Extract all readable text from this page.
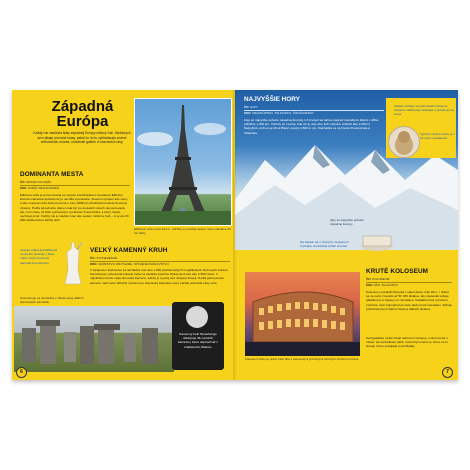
Západná Európa
Každý rok navštívia štáty západnej Európy milióny ľudí. Niektorých sem lákajú prírodné krásy, zatiaľ čo iní tu vyhľadávajú známe veľkomestá, múzeá, umelecké galérie či starovekú ruiny.
Eiffelova veža meria 324 m. Udržba si ju každý sedem rokov aktuálne 60 ton farby.
DOMINANTA MESTA
ČO: EIFFELOVA VEŽA
KDE: PARÍŽ, FRANCÚZSKO
Eiffelova veža je pomenovaná po svojom konštruktérovi Gustavovi Eiffelovi, ktorého stavebná spoločnosť ju navrhla a postavila. Svetovú výstavu kde vieny a táto oceľová veža bola otvorená v roku 1889 pri príležitosti konania Svetovej výstavy. Podľa pôvodného plánu mala byť po desiatich rokoch demontovaná, ale v tom čase už bola významným symbolom Francúzska, a ktorý mesto nechcelo prísť. Každý rok ju navštívi viac ako sedem miliónov ľudí – to je asi 20 000 návštevníkov každý deň!
Vysoká výška tiež Eiffelova na Sochu slobody v New Yorku, ktorú Francúzi darovali Američanom.
VEĽKÝ KAMENNÝ KRUH
ČO: STONEHENGE
KDE: GRÓFSTVO WILTSHIRE, SPOJENÉ KRÁĽOVSTVO
V Spojenom kráľovstve sa nachádza viac ako 1 000 prehistorických megalitických kruhových stavieb. Stonehenge vybudovali pravekí ľudia na začiatku polohou Slnka pred viac ako 4 500 rokmi. V najväčšom kruhu stoja obrovské kamene, každý je vysoký ako dospelý človek. Podľa jednej teórie kamene mali veľmi dôležitý význam pre staroveký kalendár, ktorý počítal pokročilé časy roka.
Stonehenge sa nachádza v oblasti plnej ďalších starovekých pamiatok.
Kamenný kruh Stonehenge obklopuje 46 menších kameňov, ktoré dopravili až z vzdialeného Walesu.
6
NAJVYŠŠIE HORY
ČO: ALPY
KDE: FRANCÚZSKO, TALIANSKO, ŠVAJČIARSKO
Alpy sú najvyššie pohorie západnej Európy, ich hrebeň sa tiahne naprieč niekoľkými štátmi v dĺžke približne 1 200 km. Vrcholy sú mnohé, kde ich je viac ako 120 vrcholov vyšších ako 4 000 m. Najvyšším vrchom je Mont Blanc vysoký 4 808 m nm. Nachádza sa na hranici Francúzska a Talianska.
Alpské ovčiaky sa kvôli štúdiu hustému vzduchu zahrievajú častejšie a pohybujú na sever.
Typický výskyt snehu je v zimných mesiacoch.
Alpy sú najvyššie pohorie západnej Európy.
Na Alpách sa v zimných mesiacoch zvyčajne sústreďujú lyžiari a turisti.
Koloseum bolo po pravú časť dňa s dokonalými prírodnými ohnivými obrazmi a hrami.
KRUTÉ KOLOSEUM
ČO: KOLOSEUM
KDE: RÍM, TALIANSKO
Koloseum postavili Rimania v starovekom roku 80 n. l. Sláva sa do neho zmestilo až 50 000 divákov, aby sledovali súboje gladiátorov a zápasy so zvieratami. Gladiátori boli vycvičení mužovia, ktorí bojovali proti sebe alebo proti zvieratám. Súboje prebiehali pred zrakmi cisára a ďalších divákov.
Keď gladiátor stratil zbraň alebo bol zranený, mohol prosiť o milosť. Ak sa divákom páčil, mohol byť ušetrený. Dnes sa tu konajú rôzne podujatia a prehliadky.
7
